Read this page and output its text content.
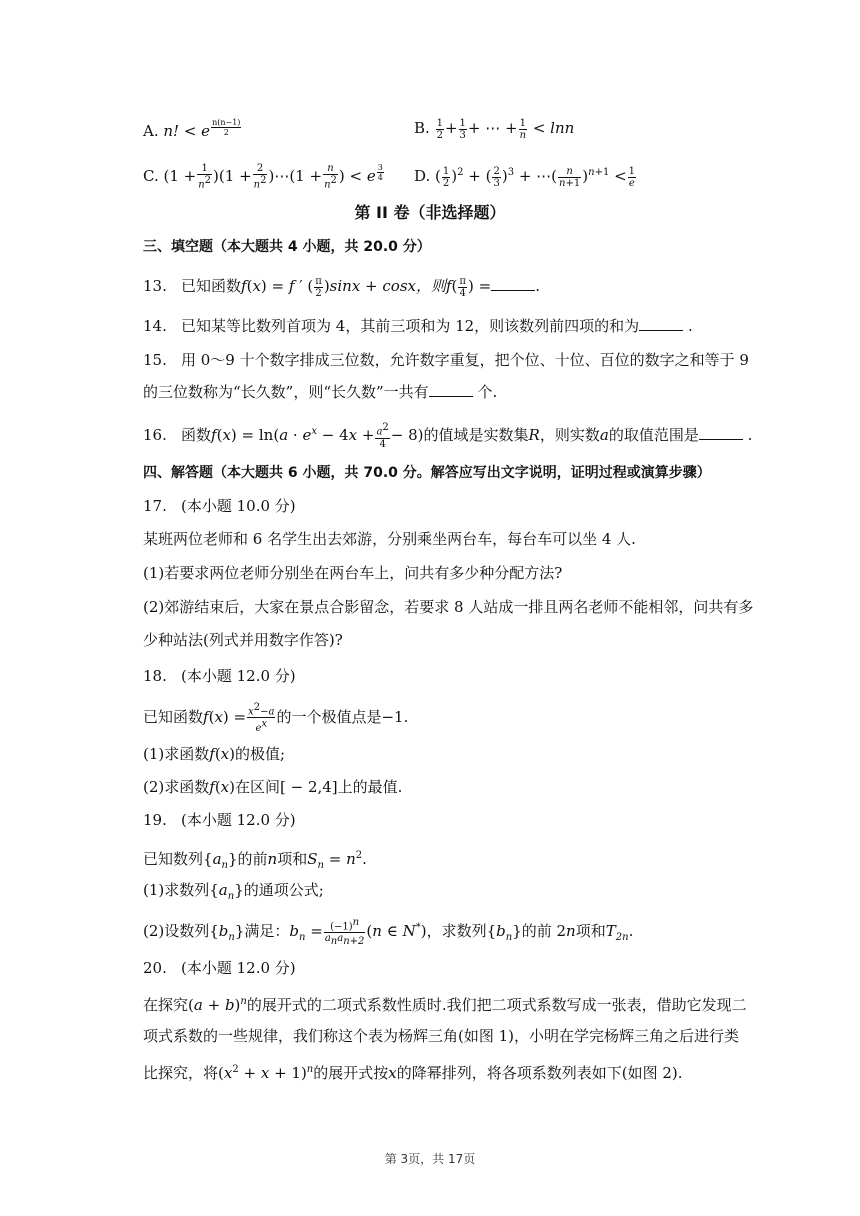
A. n! < e $^{\frac{n(n-1)}{2}}$	B. $\frac{1}{2} + \frac{1}{3}$ + ⋯ + $\frac{1}{n} < \ln n$
C. $(1 + \frac{1}{n^2} )(1 + \frac{2}{n^2}$ )⋯(1 + $\frac{n}{n^2}$ ) < e $^{\frac{3}{4}}$ D. ( $\frac{1}{2} )^2$ + ( $\frac{2}{3} )^3$ + ⋯( $\frac{n}{n+1} )^{n+1} < \frac{1}{e}$
第 II 卷（非选择题）
三、填空题（本大题共 4 小题，共 20.0 分）
13. 已知函数f(x) = f ′ ( $\frac{\pi}{2} )\sin x + \cos x$，则$f( \frac{\pi}{4}$ ) =	.
14. 已知某等比数列首项为 4，其前三项和为 12，则该数列前四项的和为	.
15. 用 0～9 十个数字排成三位数，允许数字重复，把个位、十位、百位的数字之和等于 9
的三位数称为“长久数”，则“长久数”一共有	个.
16. 函数$f(x) = \ln(a \cdot e^x - 4x + \frac{a^2}{4} - 8)$的值域是实数集R，则实数a的取值范围是	.
四、解答题（本大题共 6 小题，共 70.0 分。解答应写出文字说明，证明过程或演算步骤）
17. (本小题 10.0 分)
某班两位老师和 6 名学生出去郊游，分别乘坐两台车，每台车可以坐 4 人.
(1)若要求两位老师分别坐在两台车上，问共有多少种分配方法?
(2)郊游结束后，大家在景点合影留念，若要求 8 人站成一排且两名老师不能相邻，问共有多
少种站法(列式并用数字作答)?
18. (本小题 12.0 分)
已知函数$f(x) = \frac{x^2-a}{e^x}$ 的一个极值点是−1.
(1)求函数f(x)的极值;
(2)求函数f(x)在区间[ − 2,4]上的最值.
19. (本小题 12.0 分)
已知数列$\{a_n\}$的前n项和$S_n = n^2$.
(1)求数列$\{a_n\}$的通项公式;
(2)设数列$\{b_n\}$满足：$b_n = \frac{(-1)^n}{a_na_{n+2}} (n$ ∈ N*)，求数列$\{b_n\}$的前 2n项和$T_{2n}$.
20. (本小题 12.0 分)
在探究$(a + b)^n$的展开式的二项式系数性质时.我们把二项式系数写成一张表，借助它发现二
项式系数的一些规律，我们称这个表为杨辉三角(如图 1)，小明在学完杨辉三角之后进行类
比探究，将$(x^2 + x + 1)^n$的展开式按x的降幂排列，将各项系数列表如下(如图 2).
第 3页，共 17页
